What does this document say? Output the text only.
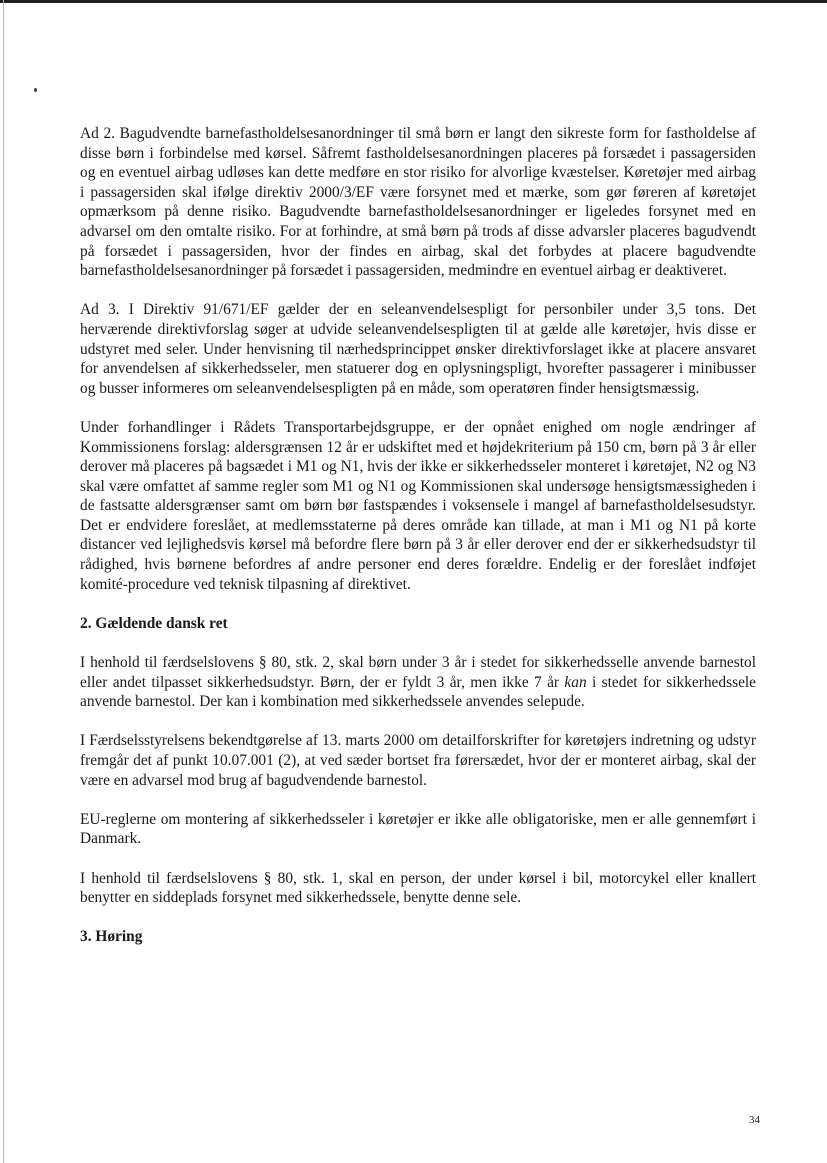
Ad 2. Bagudvendte barnefastholdelsesanordninger til små børn er langt den sikreste form for fastholdelse af disse børn i forbindelse med kørsel. Såfremt fastholdelsesanordningen placeres på forsædet i passagersiden og en eventuel airbag udløses kan dette medføre en stor risiko for alvorlige kvæstelser. Køretøjer med airbag i passagersiden skal ifølge direktiv 2000/3/EF være forsynet med et mærke, som gør føreren af køretøjet opmærksom på denne risiko. Bagudvendte barnefastholdelsesanordninger er ligeledes forsynet med en advarsel om den omtalte risiko. For at forhindre, at små børn på trods af disse advarsler placeres bagudvendt på forsædet i passagersiden, hvor der findes en airbag, skal det forbydes at placere bagudvendte barnefastholdelsesanordninger på forsædet i passagersiden, medmindre en eventuel airbag er deaktiveret.

Ad 3. I Direktiv 91/671/EF gælder der en seleanvendelsespligt for personbiler under 3,5 tons. Det herværende direktivforslag søger at udvide seleanvendelsespligten til at gælde alle køretøjer, hvis disse er udstyret med seler. Under henvisning til nærhedsprincippet ønsker direktivforslaget ikke at placere ansvaret for anvendelsen af sikkerhedsseler, men statuerer dog en oplysningspligt, hvorefter passagerer i minibusser og busser informeres om seleanvendelsespligten på en måde, som operatøren finder hensigtsmæssig.

Under forhandlinger i Rådets Transportarbejdsgruppe, er der opnået enighed om nogle ændringer af Kommissionens forslag: aldersgrænsen 12 år er udskiftet med et højdekriterium på 150 cm, børn på 3 år eller derover må placeres på bagsædet i M1 og N1, hvis der ikke er sikkerhedsseler monteret i køretøjet, N2 og N3 skal være omfattet af samme regler som M1 og N1 og Kommissionen skal undersøge hensigtsmæssigheden i de fastsatte aldersgrænser samt om børn bør fastspændes i voksensele i mangel af barnefastholdelsesudstyr. Det er endvidere foreslået, at medlemsstaterne på deres område kan tillade, at man i M1 og N1 på korte distancer ved lejlighedsvis kørsel må befordre flere børn på 3 år eller derover end der er sikkerhedsudstyr til rådighed, hvis børnene befordres af andre personer end deres forældre. Endelig er der foreslået indføjet komité-procedure ved teknisk tilpasning af direktivet.

2. Gældende dansk ret

I henhold til færdselslovens § 80, stk. 2, skal børn under 3 år i stedet for sikkerhedsselle anvende barnestol eller andet tilpasset sikkerhedsudstyr. Børn, der er fyldt 3 år, men ikke 7 år kan i stedet for sikkerhedssele anvende barnestol. Der kan i kombination med sikkerhedssele anvendes selepude.

I Færdselsstyrelsens bekendtgørelse af 13. marts 2000 om detailforskrifter for køretøjers indretning og udstyr fremgår det af punkt 10.07.001 (2), at ved sæder bortset fra førersædet, hvor der er monteret airbag, skal der være en advarsel mod brug af bagudvendende barnestol.

EU-reglerne om montering af sikkerhedsseler i køretøjer er ikke alle obligatoriske, men er alle gennemført i Danmark.

I henhold til færdselslovens § 80, stk. 1, skal en person, der under kørsel i bil, motorcykel eller knallert benytter en siddeplads forsynet med sikkerhedssele, benytte denne sele.

3. Høring
34
